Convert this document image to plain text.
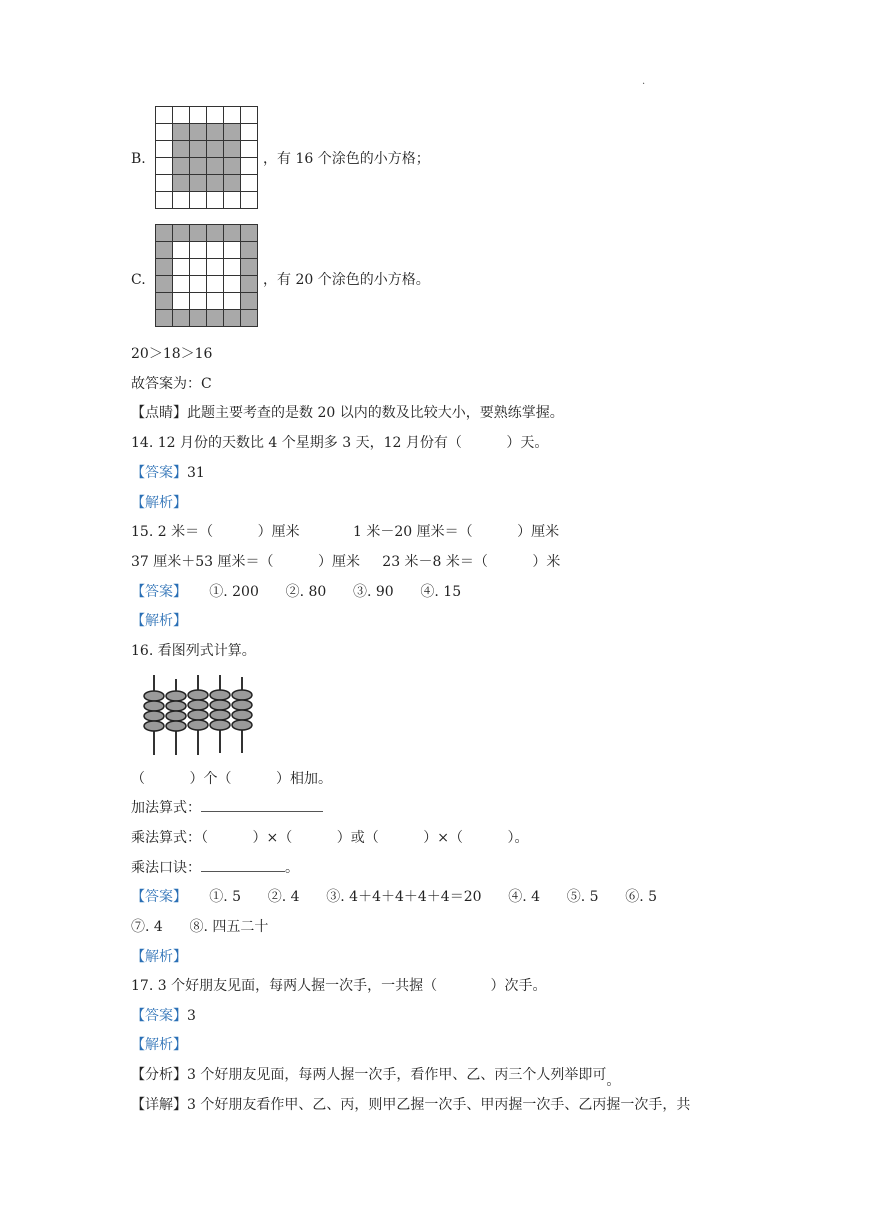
.

B.	，有 16 个涂色的小方格；

C.	，有 20 个涂色的小方格。
20＞18＞16
故答案为：C
【点睛】此题主要考查的是数 20 以内的数及比较大小，要熟练掌握。
14. 12 月份的天数比 4 个星期多 3 天，12 月份有（          ）天。
【答案】31
【解析】
15. 2 米＝（          ）厘米            1 米－20 厘米＝（          ）厘米
37 厘米＋53 厘米＝（          ）厘米     23 米－8 米＝（          ）米
【答案】     ①. 200      ②. 80      ③. 90      ④. 15
【解析】
16. 看图列式计算。
（          ）个（          ）相加。
加法算式：
乘法算式：（          ）×（          ）或（          ）×（          ）。
乘法口诀：	。
【答案】     ①. 5      ②. 4      ③. 4＋4＋4＋4＋4＝20      ④. 4      ⑤. 5      ⑥. 5
⑦. 4      ⑧. 四五二十
【解析】
17. 3 个好朋友见面，每两人握一次手，一共握（            ）次手。
【答案】3
【解析】
【分析】3 个好朋友见面，每两人握一次手，看作甲、乙、丙三个人列举即可。
【详解】3 个好朋友看作甲、乙、丙，则甲乙握一次手、甲丙握一次手、乙丙握一次手，共
